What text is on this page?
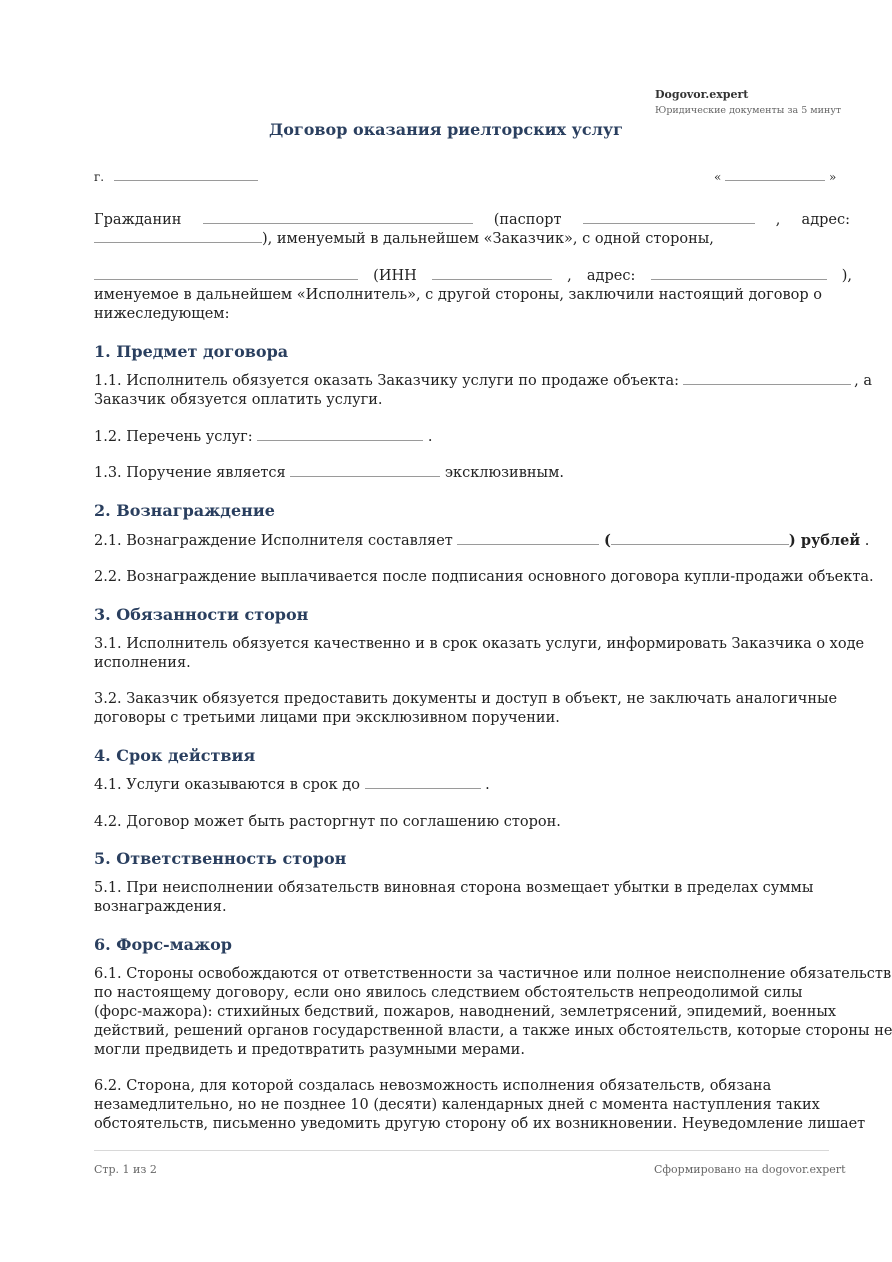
Dogovor.expert
Юридические документы за 5 минут
Договор оказания риелторских услуг
г.	«	»
Гражданин	(паспорт	, адрес:
), именуемый в дальнейшем «Заказчик», с одной стороны,
(ИНН	, адрес:	),
именуемое в дальнейшем «Исполнитель», с другой стороны, заключили настоящий договор о
нижеследующем:
1. Предмет договора
1.1. Исполнитель обязуется оказать Заказчику услуги по продаже объекта:	, а
Заказчик обязуется оплатить услуги.
1.2. Перечень услуг:	.
1.3. Поручение является	эксклюзивным.
2. Вознаграждение
2.1. Вознаграждение Исполнителя составляет	(	) рублей .
2.2. Вознаграждение выплачивается после подписания основного договора купли-продажи объекта.
3. Обязанности сторон
3.1. Исполнитель обязуется качественно и в срок оказать услуги, информировать Заказчика о ходе
исполнения.
3.2. Заказчик обязуется предоставить документы и доступ в объект, не заключать аналогичные
договоры с третьими лицами при эксклюзивном поручении.
4. Срок действия
4.1. Услуги оказываются в срок до	.
4.2. Договор может быть расторгнут по соглашению сторон.
5. Ответственность сторон
5.1. При неисполнении обязательств виновная сторона возмещает убытки в пределах суммы
вознаграждения.
6. Форс-мажор
6.1. Стороны освобождаются от ответственности за частичное или полное неисполнение обязательств
по настоящему договору, если оно явилось следствием обстоятельств непреодолимой силы
(форс-мажора): стихийных бедствий, пожаров, наводнений, землетрясений, эпидемий, военных
действий, решений органов государственной власти, а также иных обстоятельств, которые стороны не
могли предвидеть и предотвратить разумными мерами.
6.2. Сторона, для которой создалась невозможность исполнения обязательств, обязана
незамедлительно, но не позднее 10 (десяти) календарных дней с момента наступления таких
обстоятельств, письменно уведомить другую сторону об их возникновении. Неуведомление лишает
Стр. 1 из 2	Сформировано на dogovor.expert
